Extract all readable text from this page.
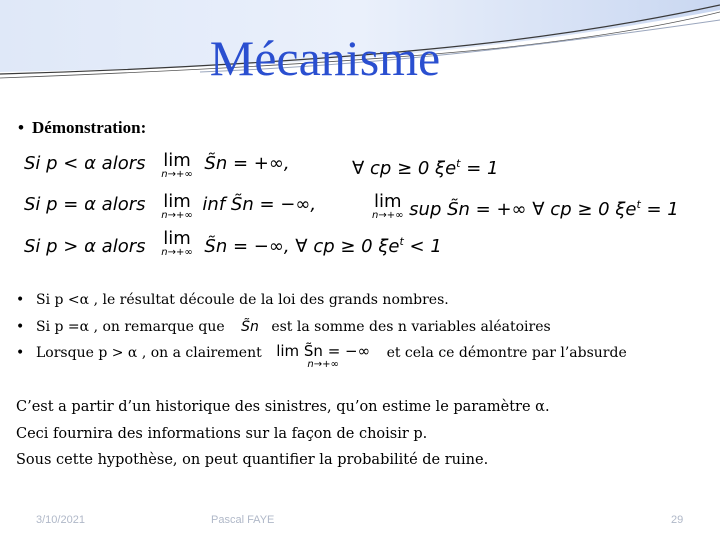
Mécanisme
• Démonstration:
Si p < α alors lim
n→+∞
S̃n = +∞,	∀ cp ≥ 0 $\xi e^t = 1$
Si p = α alors lim
n→+∞
inf S̃n = −∞,	lim
n→+∞ sup S̃n = +∞ ∀ cp ≥ 0 $\xi e^t = 1$
Si p > α alors lim
n→+∞ S̃n = −∞, ∀ cp ≥ 0 $\xi e^t < 1$
• Si p <α , le résultat découle de la loi des grands nombres.
• Si p =α , on remarque que S̃n est la somme des n variables aléatoires
• Lorsque p > α , on a clairement lim S̃n = −∞
n→+∞
et cela ce démontre par l’absurde
C’est a partir d’un historique des sinistres, qu’on estime le paramètre α.
Ceci fournira des informations sur la façon de choisir p.
Sous cette hypothèse, on peut quantifier la probabilité de ruine.
3/10/2021	Pascal FAYE	29
